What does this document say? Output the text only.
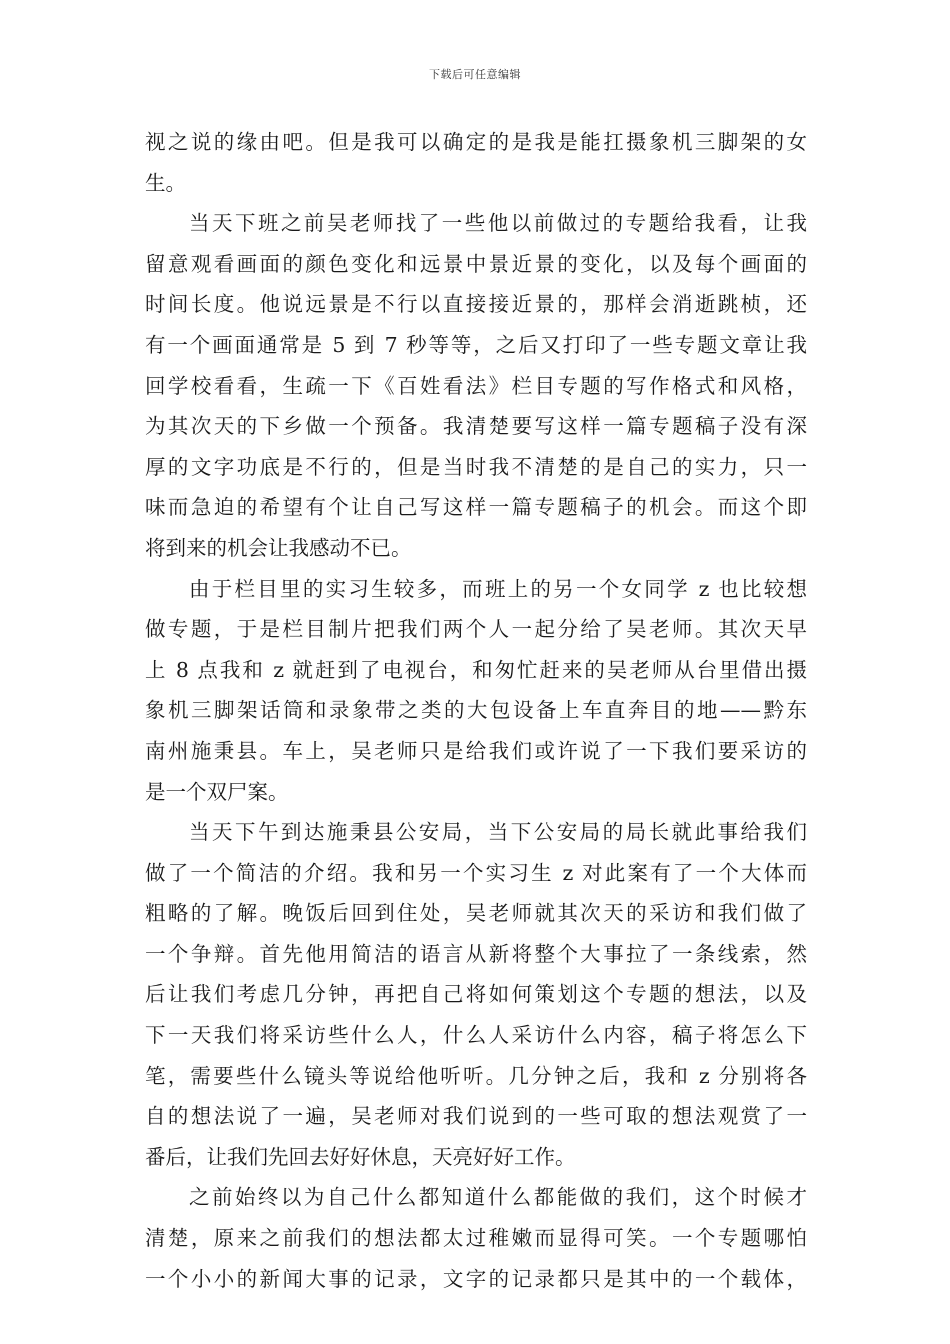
下载后可任意编辑
视之说的缘由吧。但是我可以确定的是我是能扛摄象机三脚架的女
生。
当天下班之前吴老师找了一些他以前做过的专题给我看，让我
留意观看画面的颜色变化和远景中景近景的变化，以及每个画面的
时间长度。他说远景是不行以直接接近景的，那样会消逝跳桢，还
有一个画面通常是 5 到 7 秒等等，之后又打印了一些专题文章让我
回学校看看，生疏一下《百姓看法》栏目专题的写作格式和风格，
为其次天的下乡做一个预备。我清楚要写这样一篇专题稿子没有深
厚的文字功底是不行的，但是当时我不清楚的是自己的实力，只一
味而急迫的希望有个让自己写这样一篇专题稿子的机会。而这个即
将到来的机会让我感动不已。
由于栏目里的实习生较多，而班上的另一个女同学 z 也比较想
做专题，于是栏目制片把我们两个人一起分给了吴老师。其次天早
上 8 点我和 z 就赶到了电视台，和匆忙赶来的吴老师从台里借出摄
象机三脚架话筒和录象带之类的大包设备上车直奔目的地——黔东
南州施秉县。车上，吴老师只是给我们或许说了一下我们要采访的
是一个双尸案。
当天下午到达施秉县公安局，当下公安局的局长就此事给我们
做了一个简洁的介绍。我和另一个实习生 z 对此案有了一个大体而
粗略的了解。晚饭后回到住处，吴老师就其次天的采访和我们做了
一个争辩。首先他用简洁的语言从新将整个大事拉了一条线索，然
后让我们考虑几分钟，再把自己将如何策划这个专题的想法，以及
下一天我们将采访些什么人，什么人采访什么内容，稿子将怎么下
笔，需要些什么镜头等说给他听听。几分钟之后，我和 z 分别将各
自的想法说了一遍，吴老师对我们说到的一些可取的想法观赏了一
番后，让我们先回去好好休息，天亮好好工作。
之前始终以为自己什么都知道什么都能做的我们，这个时候才
清楚，原来之前我们的想法都太过稚嫩而显得可笑。一个专题哪怕
一个小小的新闻大事的记录，文字的记录都只是其中的一个载体，
